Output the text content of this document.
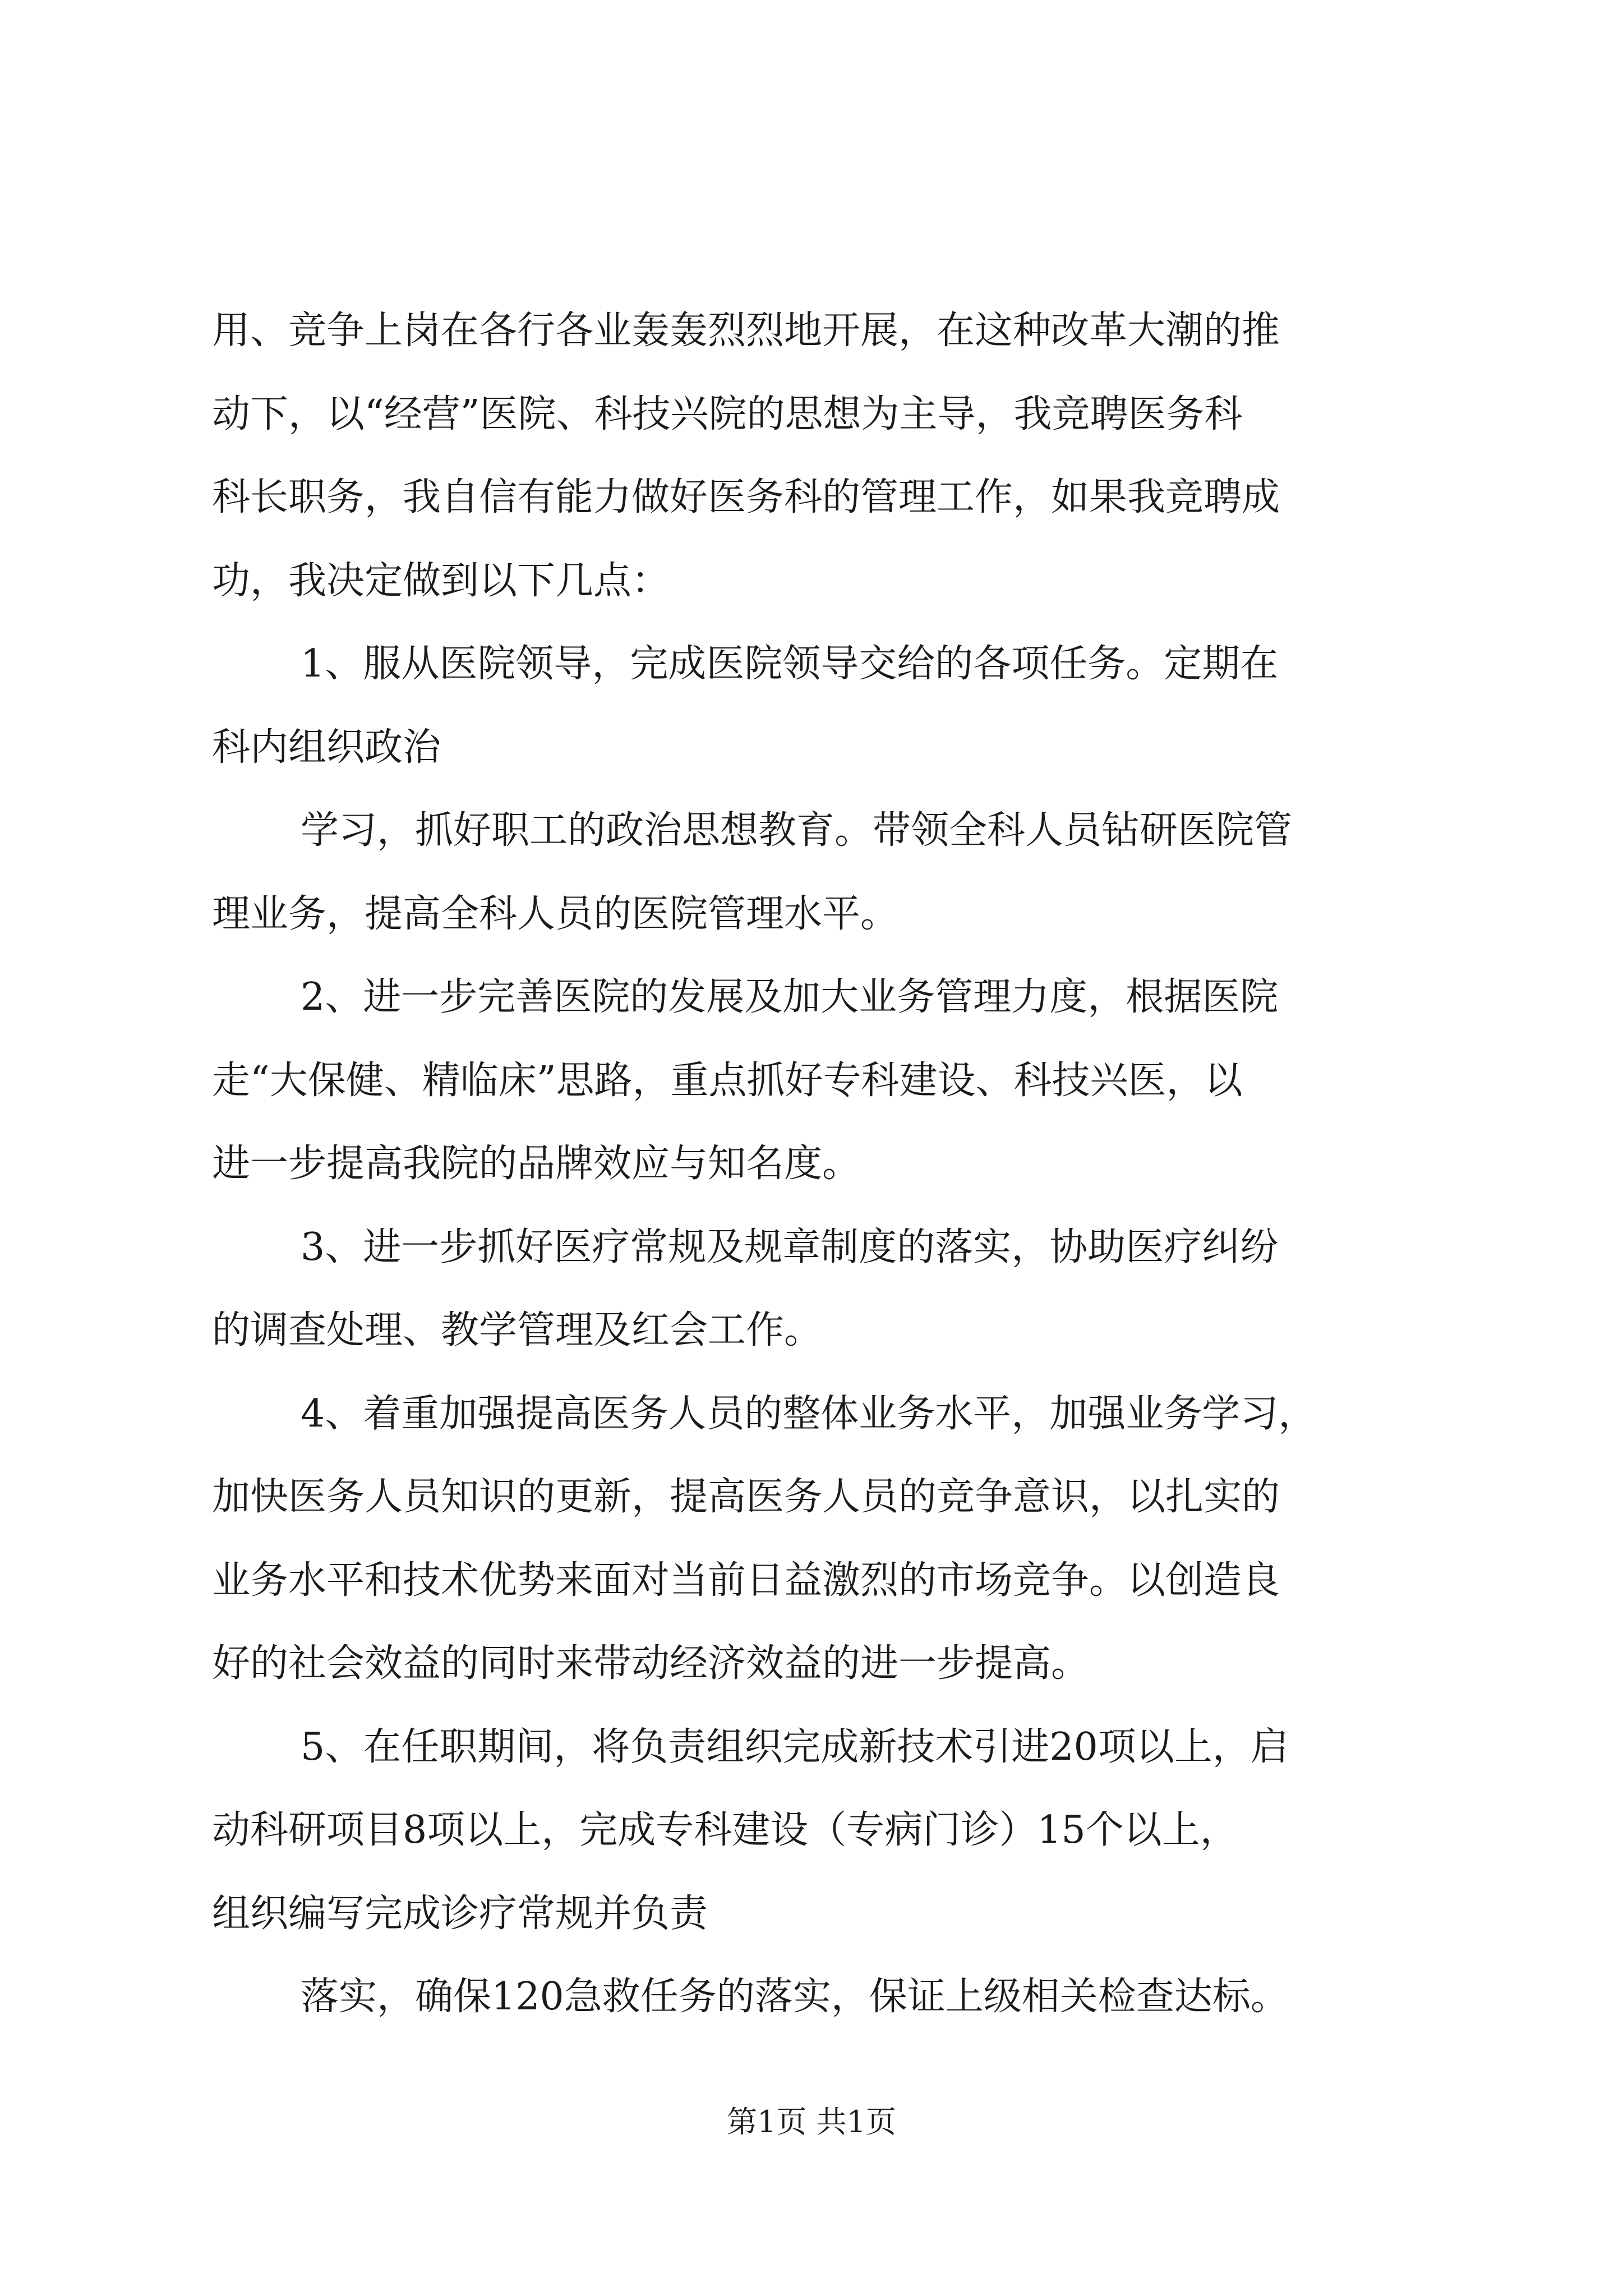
用、竞争上岗在各行各业轰轰烈烈地开展，在这种改革大潮的推
动下，以“经营”医院、科技兴院的思想为主导，我竞聘医务科
科长职务，我自信有能力做好医务科的管理工作，如果我竞聘成
功，我决定做到以下几点：
1、服从医院领导，完成医院领导交给的各项任务。定期在
科内组织政治
学习，抓好职工的政治思想教育。带领全科人员钻研医院管
理业务，提高全科人员的医院管理水平。
2、进一步完善医院的发展及加大业务管理力度，根据医院
走“大保健、精临床”思路，重点抓好专科建设、科技兴医，以
进一步提高我院的品牌效应与知名度。
3、进一步抓好医疗常规及规章制度的落实，协助医疗纠纷
的调查处理、教学管理及红会工作。
4、着重加强提高医务人员的整体业务水平，加强业务学习，
加快医务人员知识的更新，提高医务人员的竞争意识，以扎实的
业务水平和技术优势来面对当前日益激烈的市场竞争。以创造良
好的社会效益的同时来带动经济效益的进一步提高。
5、在任职期间，将负责组织完成新技术引进20项以上，启
动科研项目8项以上，完成专科建设（专病门诊）15个以上，
组织编写完成诊疗常规并负责
落实，确保120急救任务的落实，保证上级相关检查达标。
第1页 共1页
